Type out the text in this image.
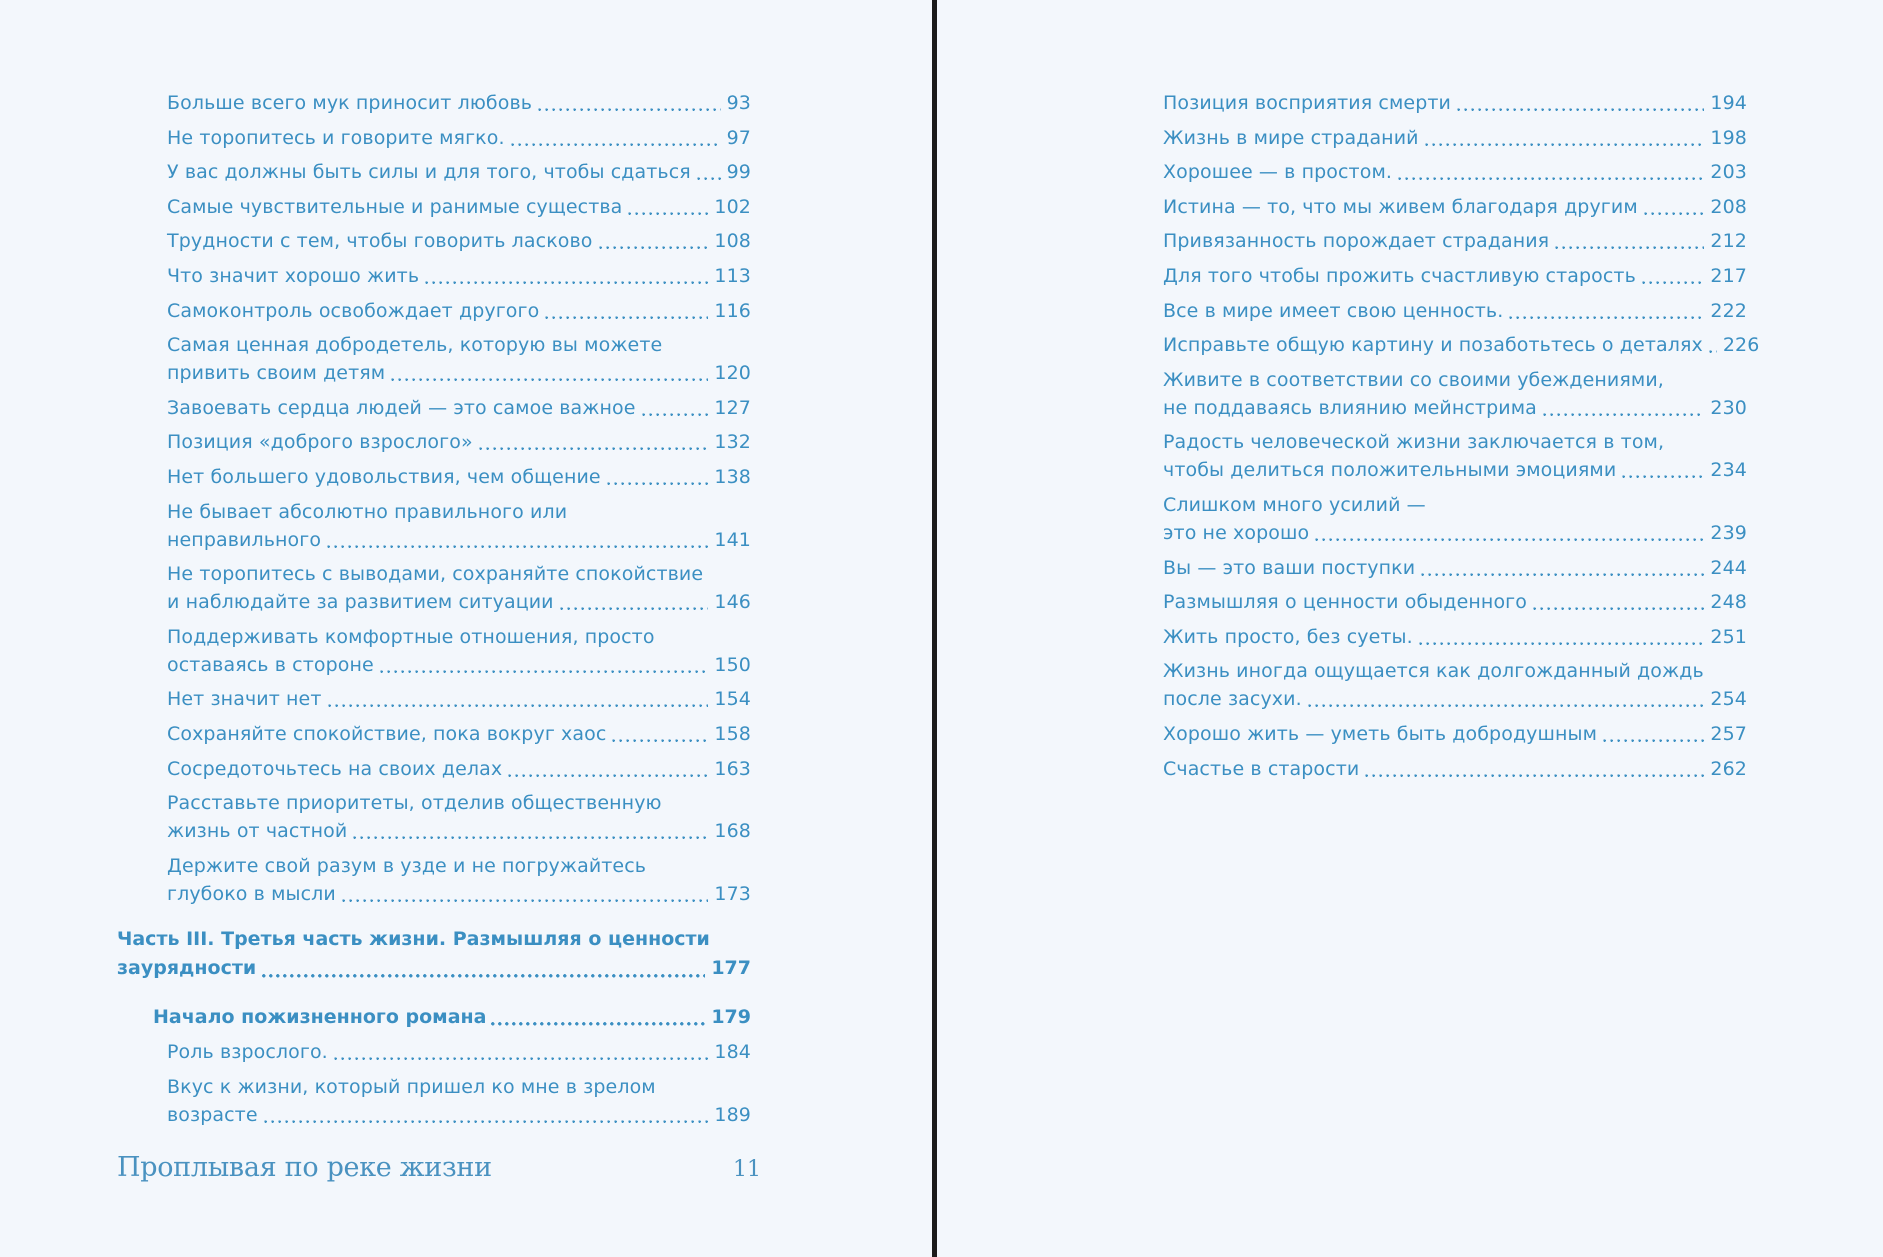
Больше всего мук приносит любовь	93
Не торопитесь и говорите мягко.	97
У вас должны быть силы и для того, чтобы сдаться 99
Самые чувствительные и ранимые существа	102
Трудности с тем, чтобы говорить ласково	108
Что значит хорошо жить	113
Самоконтроль освобождает другого	116
Самая ценная добродетель, которую вы можете
привить своим детям	120
Завоевать сердца людей — это самое важное	127
Позиция «доброго взрослого»	132
Нет большего удовольствия, чем общение	138
Не бывает абсолютно правильного или
неправильного	141
Не торопитесь с выводами, сохраняйте спокойствие
и наблюдайте за развитием ситуации	146
Поддерживать комфортные отношения, просто
оставаясь в стороне	150
Нет значит нет	154
Сохраняйте спокойствие, пока вокруг хаос	158
Сосредоточьтесь на своих делах	163
Расставьте приоритеты, отделив общественную
жизнь от частной	168
Держите свой разум в узде и не погружайтесь
глубоко в мысли	173
Часть III. Третья часть жизни. Размышляя о ценности
заурядности	177
Начало пожизненного романа	179
Роль взрослого.	184
Вкус к жизни, который пришел ко мне в зрелом
возрасте	189
Проплывая по реке жизни	11
Позиция восприятия смерти	194
Жизнь в мире страданий	198
Хорошее — в простом.	203
Истина — то, что мы живем благодаря другим	208
Привязанность порождает страдания	212
Для того чтобы прожить счастливую старость	217
Все в мире имеет свою ценность.	222
Исправьте общую картину и позаботьтесь о деталях 226
Живите в соответствии со своими убеждениями,
не поддаваясь влиянию мейнстрима	230
Радость человеческой жизни заключается в том,
чтобы делиться положительными эмоциями	234
Слишком много усилий —
это не хорошо	239
Вы — это ваши поступки	244
Размышляя о ценности обыденного	248
Жить просто, без суеты.	251
Жизнь иногда ощущается как долгожданный дождь
после засухи.	254
Хорошо жить — уметь быть добродушным	257
Счастье в старости	262
